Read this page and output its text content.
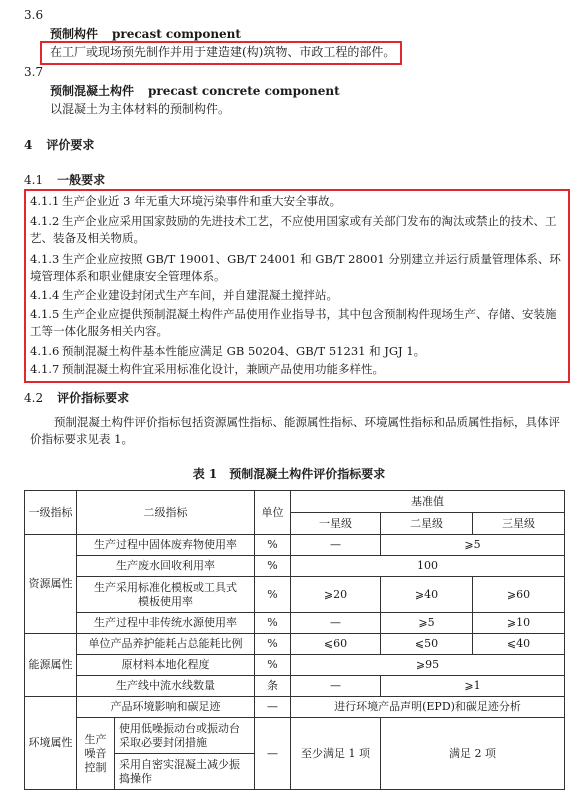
3.6
预制构件 precast component
在工厂或现场预先制作并用于建造建(构)筑物、市政工程的部件。
3.7
预制混凝土构件 precast concrete component
以混凝土为主体材料的预制构件。
4 评价要求
4.1 一般要求
4.1.1 生产企业近 3 年无重大环境污染事件和重大安全事故。
4.1.2 生产企业应采用国家鼓励的先进技术工艺，不应使用国家或有关部门发布的淘汰或禁止的技术、工艺、装备及相关物质。
4.1.3 生产企业应按照 GB/T 19001、GB/T 24001 和 GB/T 28001 分别建立并运行质量管理体系、环境管理体系和职业健康安全管理体系。
4.1.4 生产企业建设封闭式生产车间，并自建混凝土搅拌站。
4.1.5 生产企业应提供预制混凝土构件产品使用作业指导书，其中包含预制构件现场生产、存储、安装施工等一体化服务相关内容。
4.1.6 预制混凝土构件基本性能应满足 GB 50204、GB/T 51231 和 JGJ 1。
4.1.7 预制混凝土构件宜采用标准化设计，兼顾产品使用功能多样性。
4.2 评价指标要求
预制混凝土构件评价指标包括资源属性指标、能源属性指标、环境属性指标和品质属性指标，具体评价指标要求见表 1。
表 1　预制混凝土构件评价指标要求
一级指标	二级指标		单位	基准值		
				一星级	二星级	三星级
资源属性	生产过程中固体废弃物使用率		%	—	⩾5	
	生产废水回收利用率		%	100		
	生产采用标准化模板或工具式模板使用率		%	⩾20	⩾40	⩾60
	生产过程中非传统水源使用率		%	—	⩾5	⩾10
能源属性	单位产品养护能耗占总能耗比例		%	⩽60	⩽50	⩽40
	原材料本地化程度		%	⩾95		
	生产线中流水线数量		条	—	⩾1	
环境属性	产品环境影响和碳足迹		—	进行环境产品声明(EPD)和碳足迹分析		
	生产噪音控制	使用低噪振动台或振动台采取必要封闭措施	—	至少满足 1 项	满足 2 项	
		采用自密实混凝土减少振捣操作				
